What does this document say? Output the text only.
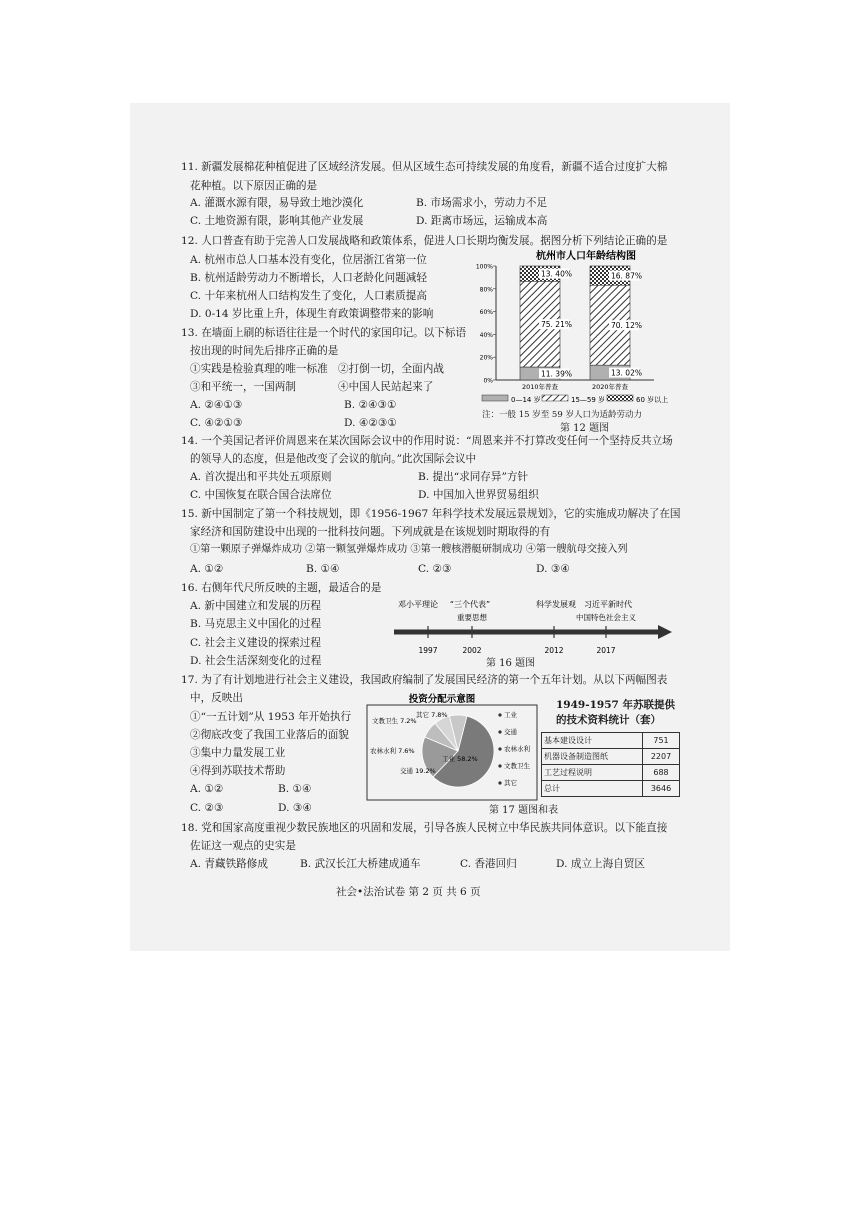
11. 新疆发展棉花种植促进了区域经济发展。但从区域生态可持续发展的角度看，新疆不适合过度扩大棉
花种植。以下原因正确的是
A. 灌溉水源有限，易导致土地沙漠化	B. 市场需求小，劳动力不足
C. 土地资源有限，影响其他产业发展	D. 距离市场远，运输成本高
12. 人口普查有助于完善人口发展战略和政策体系，促进人口长期均衡发展。据图分析下列结论正确的是
A. 杭州市总人口基本没有变化，位居浙江省第一位
B. 杭州适龄劳动力不断增长，人口老龄化问题减轻
C. 十年来杭州人口结构发生了变化，人口素质提高
D. 0-14 岁比重上升，体现生育政策调整带来的影响
杭州市人口年龄结构图
0%
20%
40%
60%
80%
100%
11. 39%
75. 21%
13. 40%
2010年普查
13. 02%
70. 12%
16. 87%
2020年普查
0—14 岁	15—59 岁	60 岁以上
注：一般 15 岁至 59 岁人口为适龄劳动力
第 12 题图
13. 在墙面上刷的标语往往是一个时代的家国印记。以下标语
按出现的时间先后排序正确的是
①实践是检验真理的唯一标准 ②打倒一切，全面内战
③和平统一，一国两制	④中国人民站起来了
A. ②④①③	B. ②④③①
C. ④②①③	D. ④②③①
14. 一个美国记者评价周恩来在某次国际会议中的作用时说：“周恩来并不打算改变任何一个坚持反共立场
的领导人的态度，但是他改变了会议的航向。”此次国际会议中
A. 首次提出和平共处五项原则	B. 提出“求同存异”方针
C. 中国恢复在联合国合法席位	D. 中国加入世界贸易组织
15. 新中国制定了第一个科技规划，即《1956-1967 年科学技术发展远景规划》，它的实施成功解决了在国
家经济和国防建设中出现的一批科技问题。下列成就是在该规划时期取得的有
①第一颗原子弹爆炸成功 ②第一颗氢弹爆炸成功 ③第一艘核潜艇研制成功 ④第一艘航母交接入列
A. ①②	B. ①④	C. ②③	D. ③④
16. 右侧年代尺所反映的主题，最适合的是
A. 新中国建立和发展的历程
B. 马克思主义中国化的过程
C. 社会主义建设的探索过程
D. 社会生活深刻变化的过程
邓小平理论 “三个代表”
重要思想
科学发展观 习近平新时代
中国特色社会主义
1997	2002	2012	2017
第 16 题图
17. 为了有计划地进行社会主义建设，我国政府编制了发展国民经济的第一个五年计划。从以下两幅图表
中，反映出
①“一五计划”从 1953 年开始执行
②彻底改变了我国工业落后的面貌
③集中力量发展工业
④得到苏联技术帮助
A. ①②	B. ①④
C. ②③	D. ③④
投资分配示意图
文教卫生 7.2%
其它 7.8%
农林水利 7.6%
交通 19.2%
工业 58.2%
工业
交通
农林水利
文教卫生
其它
1949-1957 年苏联提供
的技术资料统计（套）
基本建设设计	751
机器设备制造图纸	2207
工艺过程说明	688
总计	3646
第 17 题图和表
18. 党和国家高度重视少数民族地区的巩固和发展，引导各族人民树立中华民族共同体意识。以下能直接
佐证这一观点的史实是
A. 青藏铁路修成	B. 武汉长江大桥建成通车	C. 香港回归	D. 成立上海自贸区
社会•法治试卷 第 2 页 共 6 页
